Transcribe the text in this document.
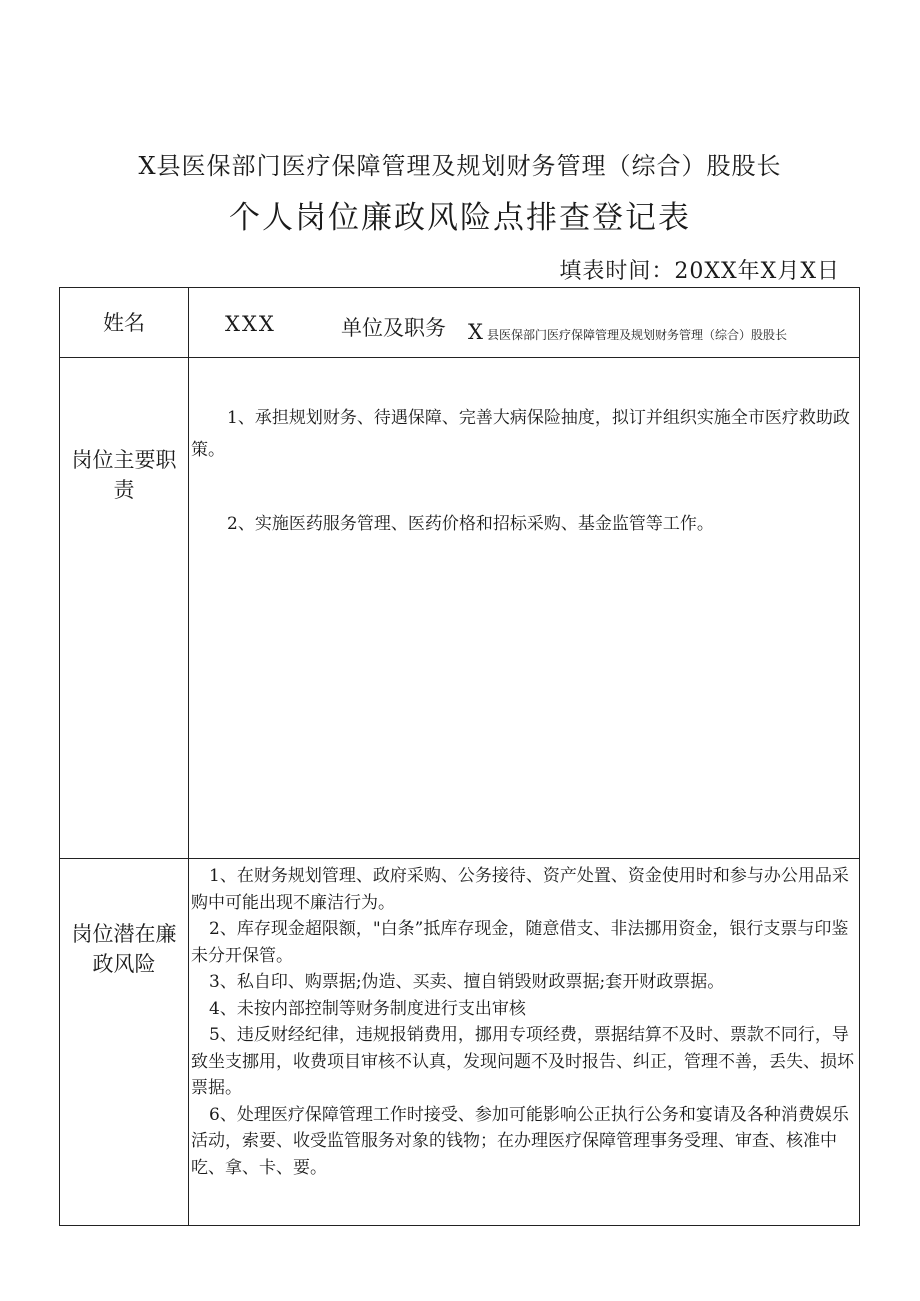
X县医保部门医疗保障管理及规划财务管理（综合）股股长
个人岗位廉政风险点排查登记表
填表时间：20XX年X月X日
姓名	XXX	单位及职务 X县医保部门医疗保障管理及规划财务管理（综合）股股长
岗位主要职责

1、承担规划财务、待遇保障、完善大病保险抽度，拟订并组织实施全市医疗救助政策。

2、实施医药服务管理、医药价格和招标采购、基金监管等工作。

岗位潜在廉政风险

1、在财务规划管理、政府采购、公务接待、资产处置、资金使用时和参与办公用品采购中可能出现不廉洁行为。

2、库存现金超限额，"白条”抵库存现金，随意借支、非法挪用资金，银行支票与印鉴未分开保管。

3、私自印、购票据;伪造、买卖、擅自销毁财政票据;套开财政票据。

4、未按内部控制等财务制度进行支出审核

5、违反财经纪律，违规报销费用，挪用专项经费，票据结算不及时、票款不同行，导致坐支挪用，收费项目审核不认真，发现问题不及时报告、纠正，管理不善，丢失、损坏票据。

6、处理医疗保障管理工作时接受、参加可能影响公正执行公务和宴请及各种消费娱乐活动，索要、收受监管服务对象的钱物；在办理医疗保障管理事务受理、审查、核准中吃、拿、卡、要。
